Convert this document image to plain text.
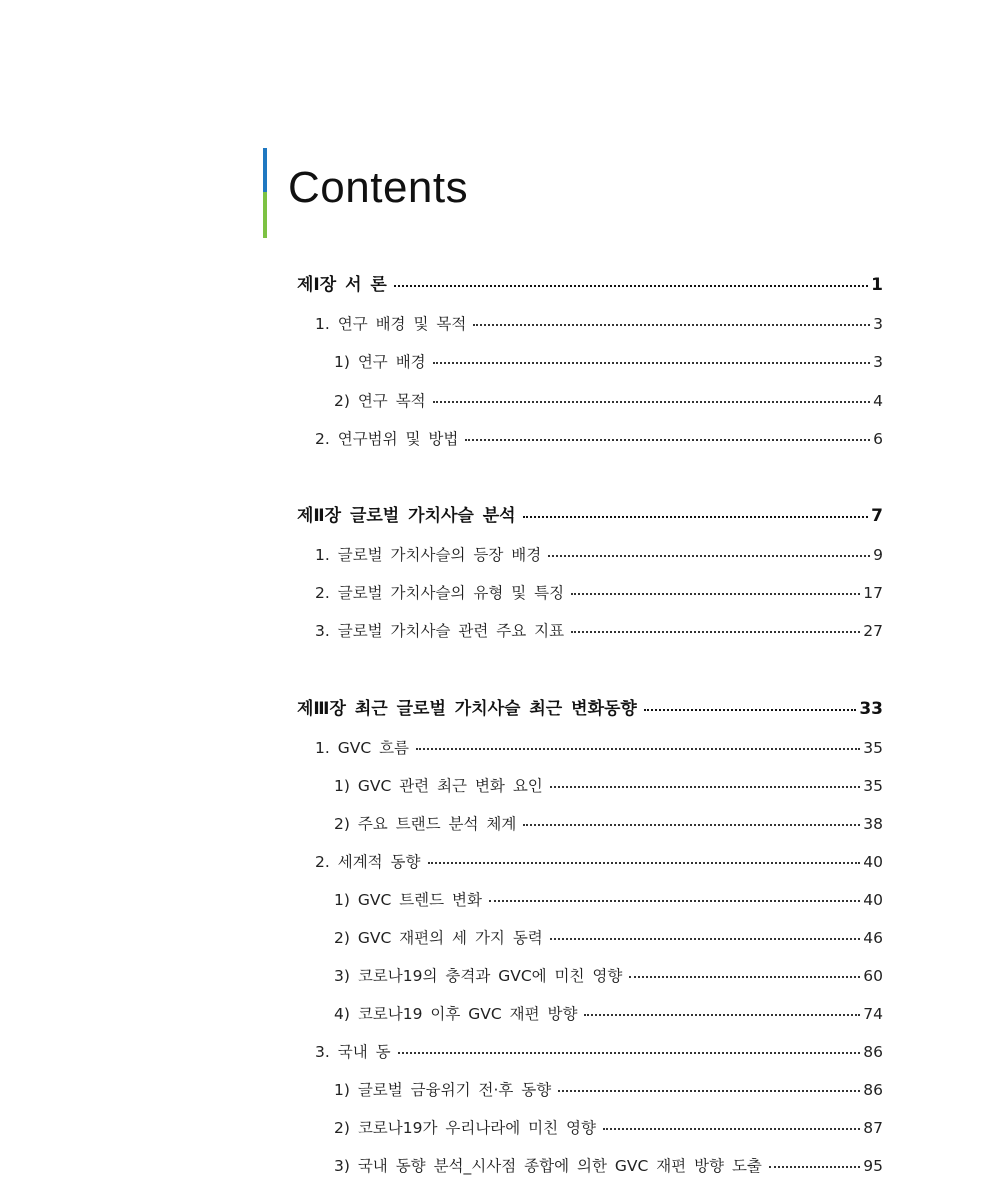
Contents
제Ⅰ장 서 론	1
1. 연구 배경 및 목적	3
1) 연구 배경	3
2) 연구 목적	4
2. 연구범위 및 방법	6
제Ⅱ장 글로벌 가치사슬 분석	7
1. 글로벌 가치사슬의 등장 배경	9
2. 글로벌 가치사슬의 유형 및 특징	17
3. 글로벌 가치사슬 관련 주요 지표	27
제Ⅲ장 최근 글로벌 가치사슬 최근 변화동향	33
1. GVC 흐름	35
1) GVC 관련 최근 변화 요인	35
2) 주요 트랜드 분석 체계	38
2. 세계적 동향	40
1) GVC 트렌드 변화	40
2) GVC 재편의 세 가지 동력	46
3) 코로나19의 충격과 GVC에 미친 영향	60
4) 코로나19 이후 GVC 재편 방향	74
3. 국내 동	86
1) 글로벌 금융위기 전·후 동향	86
2) 코로나19가 우리나라에 미친 영향	87
3) 국내 동향 분석_시사점 종합에 의한 GVC 재편 방향 도출	95
